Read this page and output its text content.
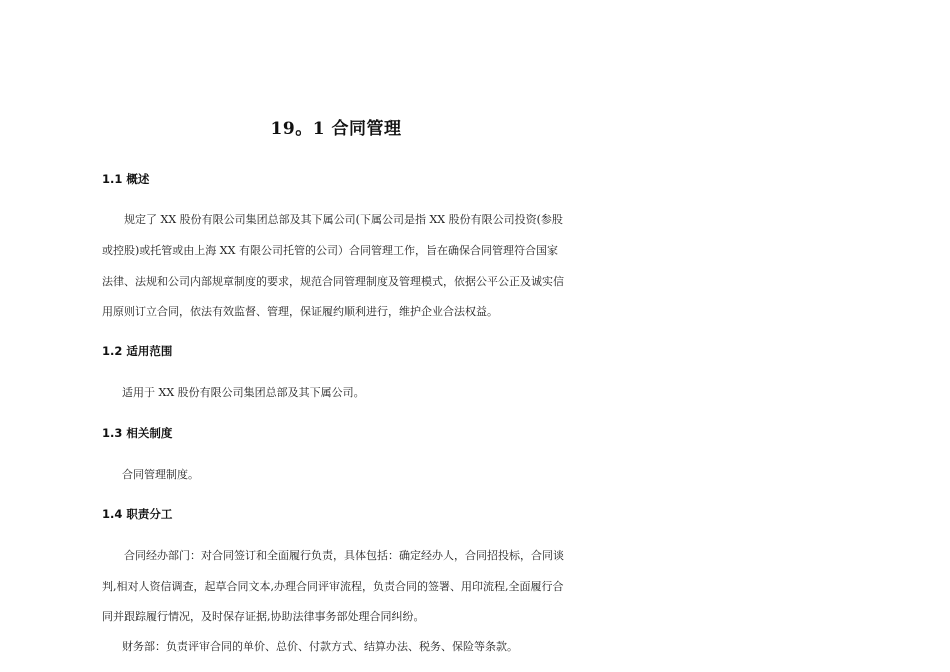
19。1 合同管理
1.1 概述
规定了 XX 股份有限公司集团总部及其下属公司(下属公司是指 XX 股份有限公司投资(参股
或控股)或托管或由上海 XX 有限公司托管的公司）合同管理工作，旨在确保合同管理符合国家
法律、法规和公司内部规章制度的要求，规范合同管理制度及管理模式，依据公平公正及诚实信
用原则订立合同，依法有效监督、管理，保证履约顺利进行，维护企业合法权益。
1.2 适用范围
适用于 XX 股份有限公司集团总部及其下属公司。
1.3 相关制度
合同管理制度。
1.4 职责分工
合同经办部门：对合同签订和全面履行负责，具体包括：确定经办人，合同招投标，合同谈
判,相对人资信调查，起草合同文本,办理合同评审流程，负责合同的签署、用印流程,全面履行合
同并跟踪履行情况，及时保存证据,协助法律事务部处理合同纠纷。
财务部：负责评审合同的单价、总价、付款方式、结算办法、税务、保险等条款。
